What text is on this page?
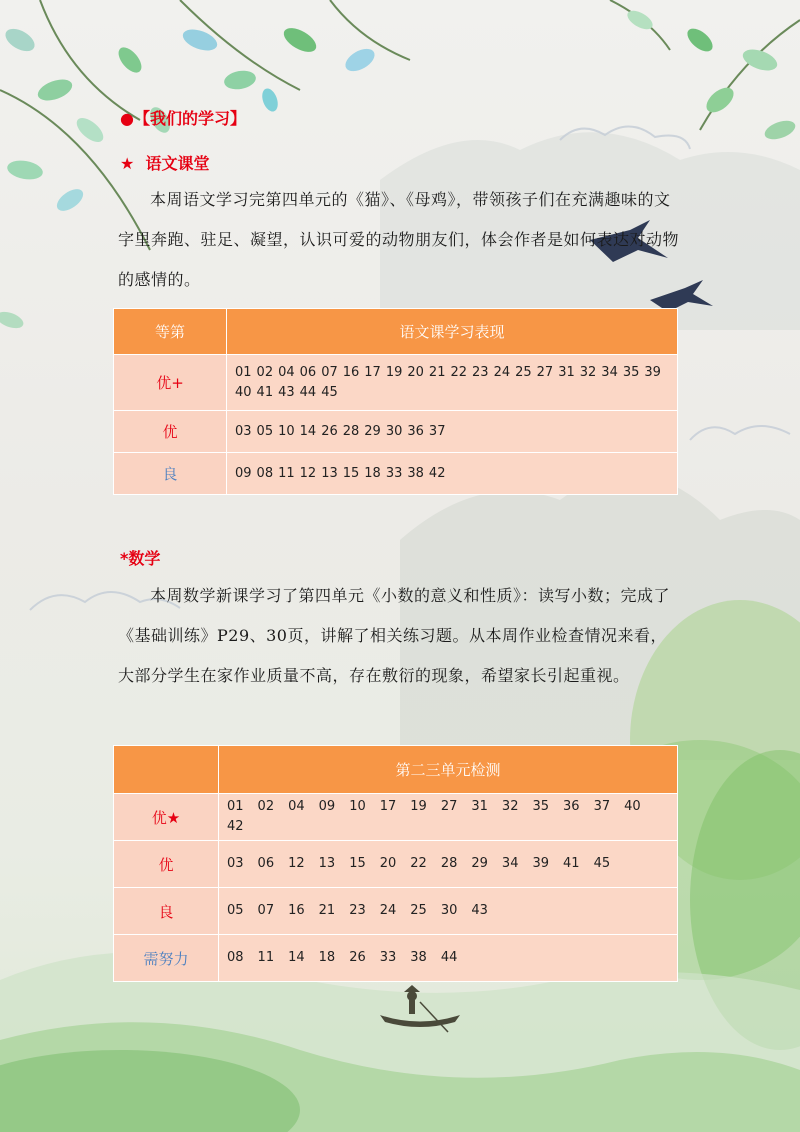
●【我们的学习】
★ 语文课堂

本周语文学习完第四单元的《猫》、《母鸡》，带领孩子们在充满趣味的文字里奔跑、驻足、凝望，认识可爱的动物朋友们，体会作者是如何表达对动物的感情的。

等第	语文课学习表现
优+	01 02 04 06 07 16 17 19 20 21 22 23 24 25 27 31 32 34 35 3940 41 43 44 45
优	03 05 10 14 26 28 29 30 36 37
良	09 08 11 12 13 15 18 33 38 42
*数学

本周数学新课学习了第四单元《小数的意义和性质》：读写小数；完成了《基础训练》P29、30页，讲解了相关练习题。从本周作业检查情况来看，大部分学生在家作业质量不高，存在敷衍的现象，希望家长引起重视。

	第二三单元检测
优★	01 02 04 09 10 17 19 27 31 32 35 36 37 4042
优	03 06 12 13 15 20 22 28 29 34 39 41 45
良	05 07 16 21 23 24 25 30 43
需努力	08 11 14 18 26 33 38 44
